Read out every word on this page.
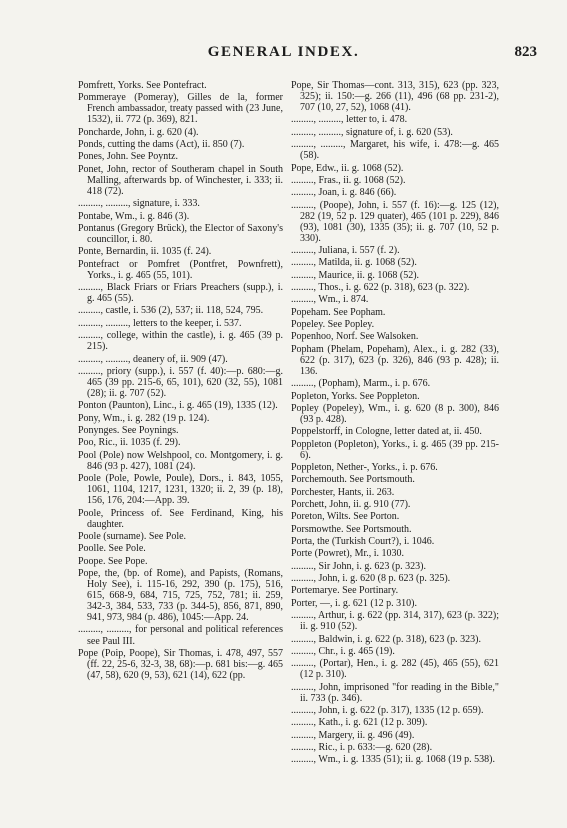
GENERAL INDEX.	823

Pomfrett, Yorks. See Pontefract.

Pommeraye (Pomeray), Gilles de la, former French ambassador, treaty passed with (23 June, 1532), ii. 772 (p. 369), 821.

Poncharde, John, i. g. 620 (4).

Ponds, cutting the dams (Act), ii. 850 (7).

Pones, John. See Poyntz.

Ponet, John, rector of Southeram chapel in South Malling, afterwards bp. of Winchester, i. 333; ii. 418 (72).

........., ........., signature, i. 333.

Pontabe, Wm., i. g. 846 (3).

Pontanus (Gregory Brück), the Elector of Saxony's councillor, i. 80.

Ponte, Bernardin, ii. 1035 (f. 24).

Pontefract or Pomfret (Pontfret, Pownfrett), Yorks., i. g. 465 (55, 101).

........., Black Friars or Friars Preachers (supp.), i. g. 465 (55).

........., castle, i. 536 (2), 537; ii. 118, 524, 795.

........., ........., letters to the keeper, i. 537.

........., college, within the castle), i. g. 465 (39 p. 215).

........., ........., deanery of, ii. 909 (47).

........., priory (supp.), i. 557 (f. 40):—p. 680:—g. 465 (39 pp. 215-6, 65, 101), 620 (32, 55), 1081 (28); ii. g. 707 (52).

Ponton (Paunton), Linc., i. g. 465 (19), 1335 (12).

Pony, Wm., i. g. 282 (19 p. 124).

Ponynges. See Poynings.

Poo, Ric., ii. 1035 (f. 29).

Pool (Pole) now Welshpool, co. Montgomery, i. g. 846 (93 p. 427), 1081 (24).

Poole (Pole, Powle, Poule), Dors., i. 843, 1055, 1061, 1104, 1217, 1231, 1320; ii. 2, 39 (p. 18), 156, 176, 204:—App. 39.

Poole, Princess of. See Ferdinand, King, his daughter.

Poole (surname). See Pole.

Poolle. See Pole.

Poope. See Pope.

Pope, the, (bp. of Rome), and Papists, (Romans, Holy See), i. 115-16, 292, 390 (p. 175), 516, 615, 668-9, 684, 715, 725, 752, 781; ii. 259, 342-3, 384, 533, 733 (p. 344-5), 856, 871, 890, 941, 973, 984 (p. 486), 1045:—App. 24.

........., ........., for personal and political references see Paul III.

Pope (Poip, Poope), Sir Thomas, i. 478, 497, 557 (ff. 22, 25-6, 32-3, 38, 68):—p. 681 bis:—g. 465 (47, 58), 620 (9, 53), 621 (14), 622 (pp.

Pope, Sir Thomas—cont. 313, 315), 623 (pp. 323, 325); ii. 150:—g. 266 (11), 496 (68 pp. 231-2), 707 (10, 27, 52), 1068 (41).

........., ........., letter to, i. 478.

........., ........., signature of, i. g. 620 (53).

........., ........., Margaret, his wife, i. 478:—g. 465 (58).

Pope, Edw., ii. g. 1068 (52).

........., Fras., ii. g. 1068 (52).

........., Joan, i. g. 846 (66).

........., (Poope), John, i. 557 (f. 16):—g. 125 (12), 282 (19, 52 p. 129 quater), 465 (101 p. 229), 846 (93), 1081 (30), 1335 (35); ii. g. 707 (10, 52 p. 330).

........., Juliana, i. 557 (f. 2).

........., Matilda, ii. g. 1068 (52).

........., Maurice, ii. g. 1068 (52).

........., Thos., i. g. 622 (p. 318), 623 (p. 322).

........., Wm., i. 874.

Popeham. See Popham.

Popeley. See Popley.

Popenhoo, Norf. See Walsoken.

Popham (Phelam, Popeham), Alex., i. g. 282 (33), 622 (p. 317), 623 (p. 326), 846 (93 p. 428); ii. 136.

........., (Popham), Marm., i. p. 676.

Popleton, Yorks. See Poppleton.

Popley (Popeley), Wm., i. g. 620 (8 p. 300), 846 (93 p. 428).

Poppelstorff, in Cologne, letter dated at, ii. 450.

Poppleton (Popleton), Yorks., i. g. 465 (39 pp. 215-6).

Poppleton, Nether-, Yorks., i. p. 676.

Porchemouth. See Portsmouth.

Porchester, Hants, ii. 263.

Porchett, John, ii. g. 910 (77).

Poreton, Wilts. See Porton.

Porsmowthe. See Portsmouth.

Porta, the (Turkish Court?), i. 1046.

Porte (Powret), Mr., i. 1030.

........., Sir John, i. g. 623 (p. 323).

........., John, i. g. 620 (8 p. 623 (p. 325).

Portemarye. See Portinary.

Porter, —, i. g. 621 (12 p. 310).

........., Arthur, i. g. 622 (pp. 314, 317), 623 (p. 322); ii. g. 910 (52).

........., Baldwin, i. g. 622 (p. 318), 623 (p. 323).

........., Chr., i. g. 465 (19).

........., (Portar), Hen., i. g. 282 (45), 465 (55), 621 (12 p. 310).

........., John, imprisoned "for reading in the Bible," ii. 733 (p. 346).

........., John, i. g. 622 (p. 317), 1335 (12 p. 659).

........., Kath., i. g. 621 (12 p. 309).

........., Margery, ii. g. 496 (49).

........., Ric., i. p. 633:—g. 620 (28).

........., Wm., i. g. 1335 (51); ii. g. 1068 (19 p. 538).
